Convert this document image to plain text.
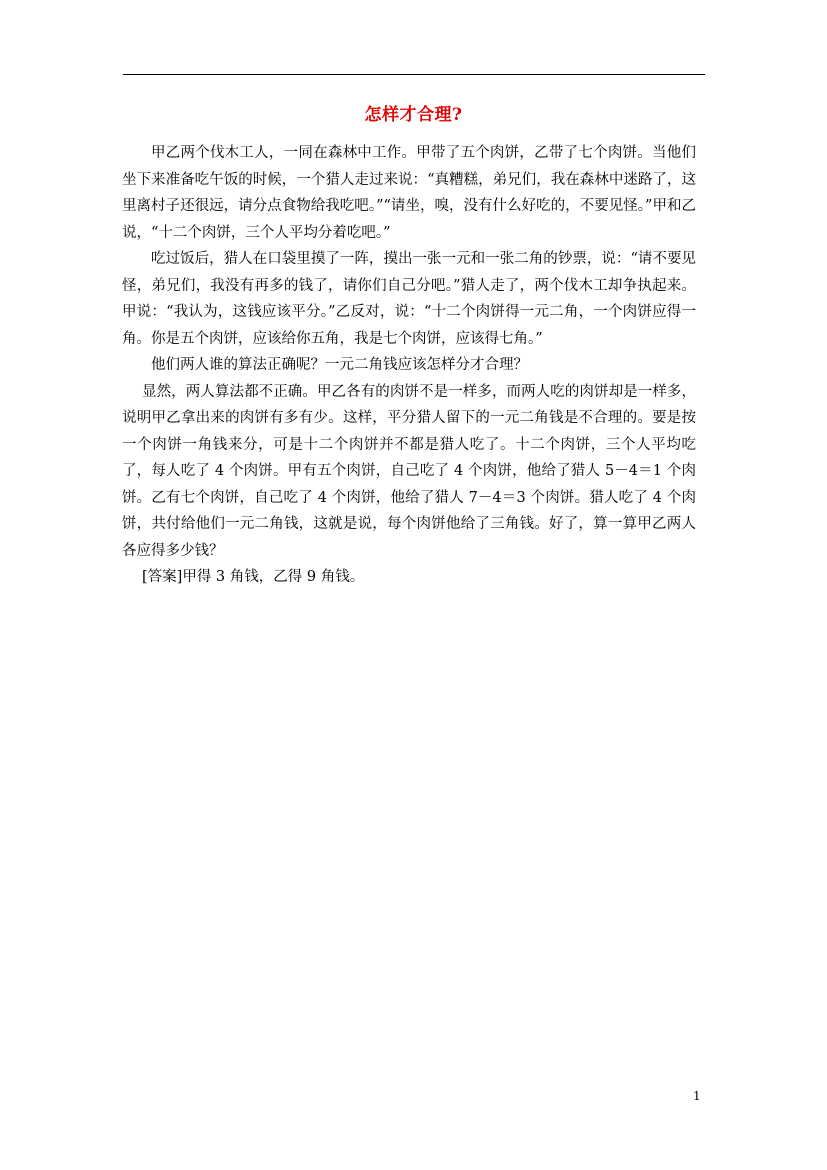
怎样才合理?

甲乙两个伐木工人，一同在森林中工作。甲带了五个肉饼，乙带了七个肉饼。当他们坐下来准备吃午饭的时候，一个猎人走过来说：“真糟糕，弟兄们，我在森林中迷路了，这里离村子还很远，请分点食物给我吃吧。”“请坐，嗅，没有什么好吃的，不要见怪。”甲和乙说，“十二个肉饼，三个人平均分着吃吧。”

吃过饭后，猎人在口袋里摸了一阵，摸出一张一元和一张二角的钞票，说：“请不要见怪，弟兄们，我没有再多的钱了，请你们自己分吧。”猎人走了，两个伐木工却争执起来。甲说：“我认为，这钱应该平分。”乙反对，说：“十二个肉饼得一元二角，一个肉饼应得一角。你是五个肉饼，应该给你五角，我是七个肉饼，应该得七角。”

他们两人谁的算法正确呢？一元二角钱应该怎样分才合理？

显然，两人算法都不正确。甲乙各有的肉饼不是一样多，而两人吃的肉饼却是一样多，说明甲乙拿出来的肉饼有多有少。这样，平分猎人留下的一元二角钱是不合理的。要是按一个肉饼一角钱来分，可是十二个肉饼并不都是猎人吃了。十二个肉饼，三个人平均吃了，每人吃了 4 个肉饼。甲有五个肉饼，自己吃了 4 个肉饼，他给了猎人 5－4＝1 个肉饼。乙有七个肉饼，自己吃了 4 个肉饼，他给了猎人 7－4＝3 个肉饼。猎人吃了 4 个肉饼，共付给他们一元二角钱，这就是说，每个肉饼他给了三角钱。好了，算一算甲乙两人各应得多少钱？

[答案]甲得 3 角钱，乙得 9 角钱。

1
